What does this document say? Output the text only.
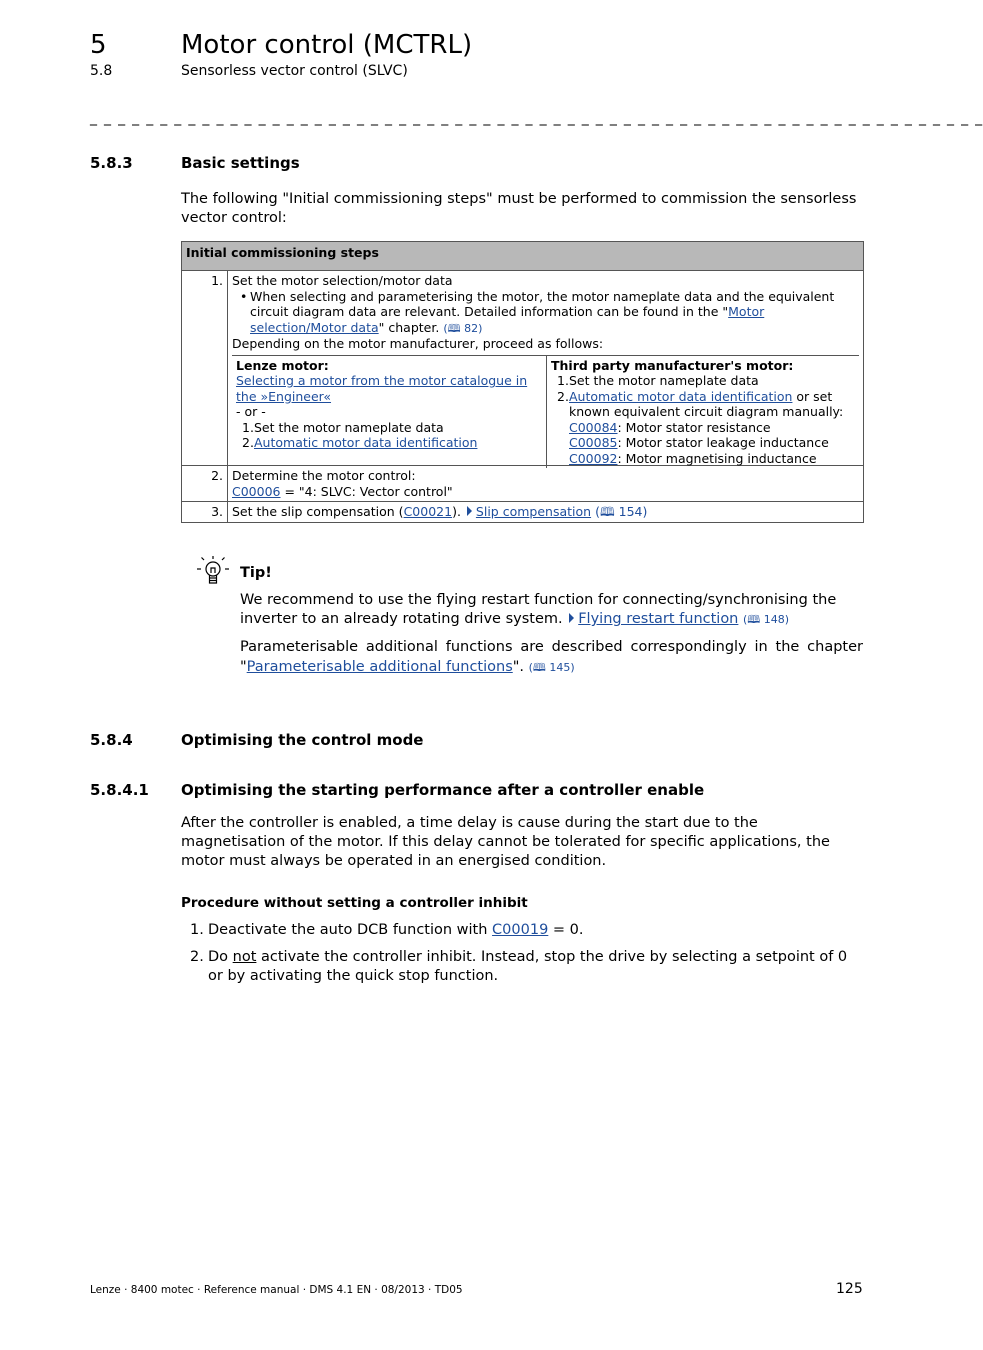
5	Motor control (MCTRL)
5.8	Sensorless vector control (SLVC)
_ _ _ _ _ _ _ _ _ _ _ _ _ _ _ _ _ _ _ _ _ _ _ _ _ _ _ _ _ _ _ _ _ _ _ _ _ _ _ _ _ _ _ _ _ _ _ _ _ _ _ _ _ _ _ _ _ _ _ _ _ _ _ _
5.8.3	Basic settings
The following "Initial commissioning steps" must be performed to commission the sensorless vector control:
Initial commissioning steps
1.	Set the motor selection/motor data
• When selecting and parameterising the motor, the motor nameplate data and the equivalent circuit diagram data are relevant. Detailed information can be found in the "Motor selection/Motor data" chapter. (🕮 82)
Depending on the motor manufacturer, proceed as follows:
Lenze motor:
Selecting a motor from the motor catalogue in the »Engineer«
- or -
1. Set the motor nameplate data
2. Automatic motor data identification

Third party manufacturer's motor:
1. Set the motor nameplate data
2. Automatic motor data identification or set known equivalent circuit diagram manually:
C00084: Motor stator resistance
C00085: Motor stator leakage inductance
C00092: Motor magnetising inductance

2.	Determine the motor control:
C00006 = "4: SLVC: Vector control"

3.	Set the slip compensation (C00021). Slip compensation (🕮 154)
Tip!
We recommend to use the flying restart function for connecting/synchronising the inverter to an already rotating drive system. Flying restart function (🕮 148)
Parameterisable additional functions are described correspondingly in the chapter "Parameterisable additional functions". (🕮 145)
5.8.4	Optimising the control mode
5.8.4.1 Optimising the starting performance after a controller enable
After the controller is enabled, a time delay is cause during the start due to the magnetisation of the motor. If this delay cannot be tolerated for specific applications, the motor must always be operated in an energised condition.
Procedure without setting a controller inhibit
1. Deactivate the auto DCB function with C00019 = 0.
2. Do not activate the controller inhibit. Instead, stop the drive by selecting a setpoint of 0 or by activating the quick stop function.
Lenze · 8400 motec · Reference manual · DMS 4.1 EN · 08/2013 · TD05	125
